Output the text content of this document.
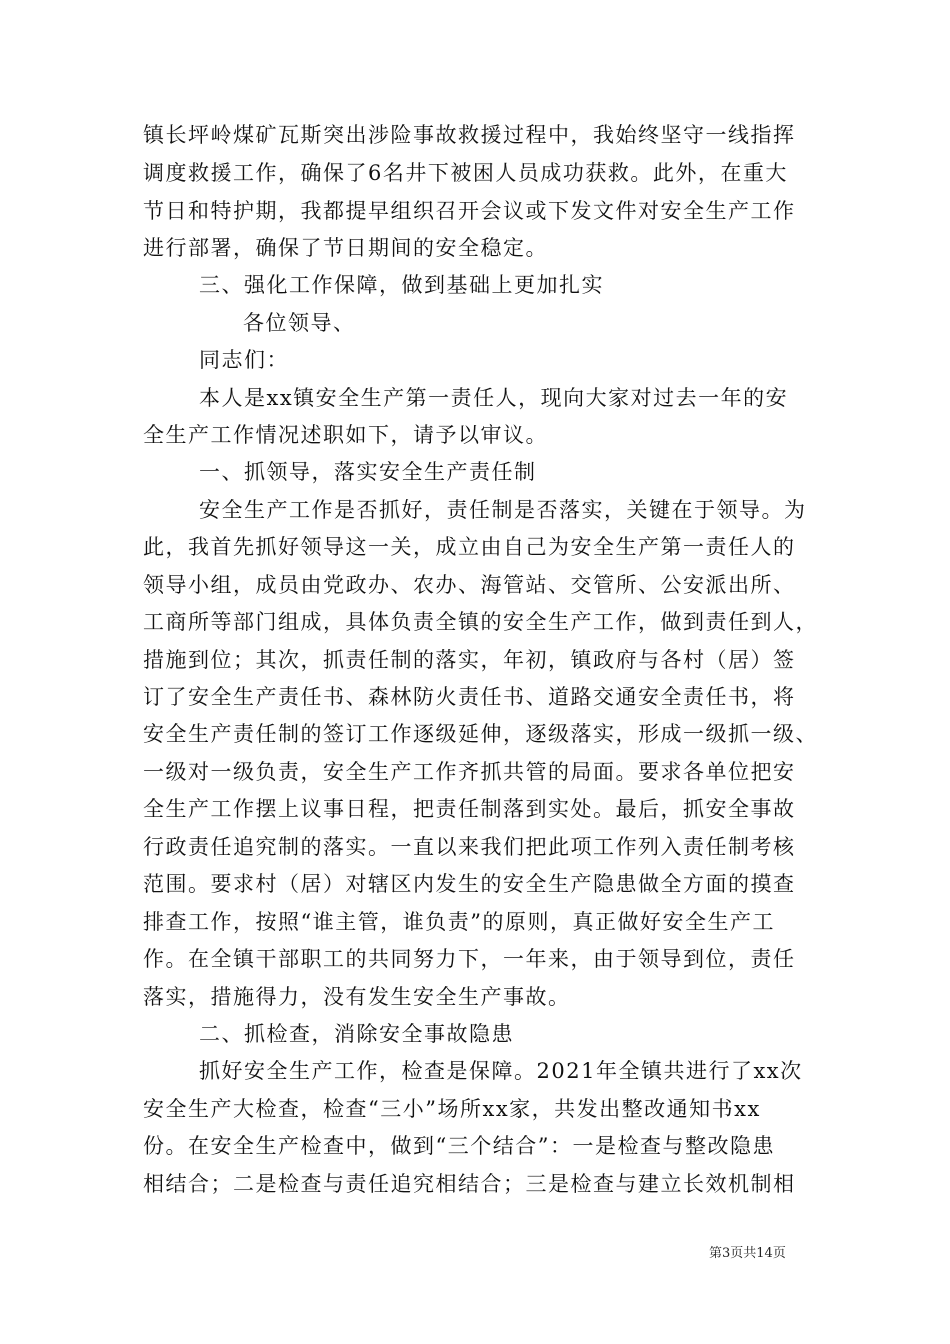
镇长坪岭煤矿瓦斯突出涉险事故救援过程中，我始终坚守一线指挥
调度救援工作，确保了6名井下被困人员成功获救。此外，在重大
节日和特护期，我都提早组织召开会议或下发文件对安全生产工作
进行部署，确保了节日期间的安全稳定。
三、强化工作保障，做到基础上更加扎实
各位领导、
同志们：
本人是xx镇安全生产第一责任人，现向大家对过去一年的安
全生产工作情况述职如下，请予以审议。
一、抓领导，落实安全生产责任制
安全生产工作是否抓好，责任制是否落实，关键在于领导。为
此，我首先抓好领导这一关，成立由自己为安全生产第一责任人的
领导小组，成员由党政办、农办、海管站、交管所、公安派出所、
工商所等部门组成，具体负责全镇的安全生产工作，做到责任到人，
措施到位；其次，抓责任制的落实，年初，镇政府与各村（居）签
订了安全生产责任书、森林防火责任书、道路交通安全责任书，将
安全生产责任制的签订工作逐级延伸，逐级落实，形成一级抓一级、
一级对一级负责，安全生产工作齐抓共管的局面。要求各单位把安
全生产工作摆上议事日程，把责任制落到实处。最后，抓安全事故
行政责任追究制的落实。一直以来我们把此项工作列入责任制考核
范围。要求村（居）对辖区内发生的安全生产隐患做全方面的摸查
排查工作，按照“谁主管，谁负责”的原则，真正做好安全生产工
作。在全镇干部职工的共同努力下，一年来，由于领导到位，责任
落实，措施得力，没有发生安全生产事故。
二、抓检查，消除安全事故隐患
抓好安全生产工作，检查是保障。2021年全镇共进行了xx次
安全生产大检查，检查“三小”场所xx家，共发出整改通知书xx
份。在安全生产检查中，做到“三个结合”：一是检查与整改隐患
相结合；二是检查与责任追究相结合；三是检查与建立长效机制相
第3页共14页
